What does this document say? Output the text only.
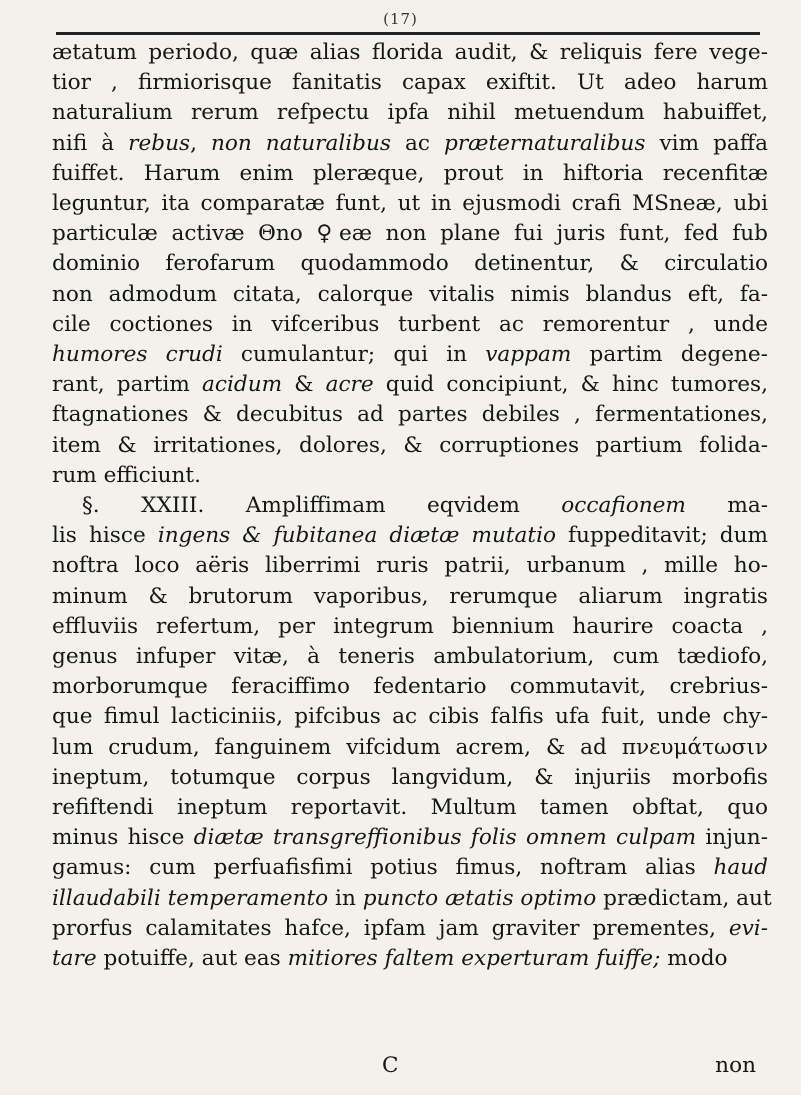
(17)
ætatum periodo, quæ alias florida audit, & reliquis fere vege-
tior , firmiorisque fanitatis capax exiftit. Ut adeo harum
naturalium rerum refpectu ipfa nihil metuendum habuiffet,
nifi à rebus, non naturalibus ac præternaturalibus vim paffa
fuiffet. Harum enim pleræque, prout in hiftoria recenfitæ
leguntur, ita comparatæ funt, ut in ejusmodi crafi MSneæ, ubi
particulæ activæ Θno ♀eæ non plane fui juris funt, fed fub
dominio ferofarum quodammodo detinentur, & circulatio
non admodum citata, calorque vitalis nimis blandus eft, fa-
cile coctiones in vifceribus turbent ac remorentur , unde
humores crudi cumulantur; qui in vappam partim degene-
rant, partim acidum & acre quid concipiunt, & hinc tumores,
ftagnationes & decubitus ad partes debiles , fermentationes,
item & irritationes, dolores, & corruptiones partium folida-
rum efficiunt.
§. XXIII. Ampliffimam eqvidem occafionem ma-
lis hisce ingens & fubitanea diætæ mutatio fuppeditavit; dum
noftra loco aëris liberrimi ruris patrii, urbanum , mille ho-
minum & brutorum vaporibus, rerumque aliarum ingratis
effluviis refertum, per integrum biennium haurire coacta ,
genus infuper vitæ, à teneris ambulatorium, cum tædiofo,
morborumque feraciffimo fedentario commutavit, crebrius-
que fimul lacticiniis, pifcibus ac cibis falfis ufa fuit, unde chy-
lum crudum, fanguinem vifcidum acrem, & ad πνευμάτωσιν
ineptum, totumque corpus langvidum, & injuriis morbofis
refiftendi ineptum reportavit. Multum tamen obftat, quo
minus hisce diætæ transgreffionibus folis omnem culpam injun-
gamus: cum perfuafisfimi potius fimus, noftram alias haud
illaudabili temperamento in puncto ætatis optimo prædictam, aut
prorfus calamitates hafce, ipfam jam graviter prementes, evi-
tare potuiffe, aut eas mitiores faltem experturam fuiffe; modo
C	non
